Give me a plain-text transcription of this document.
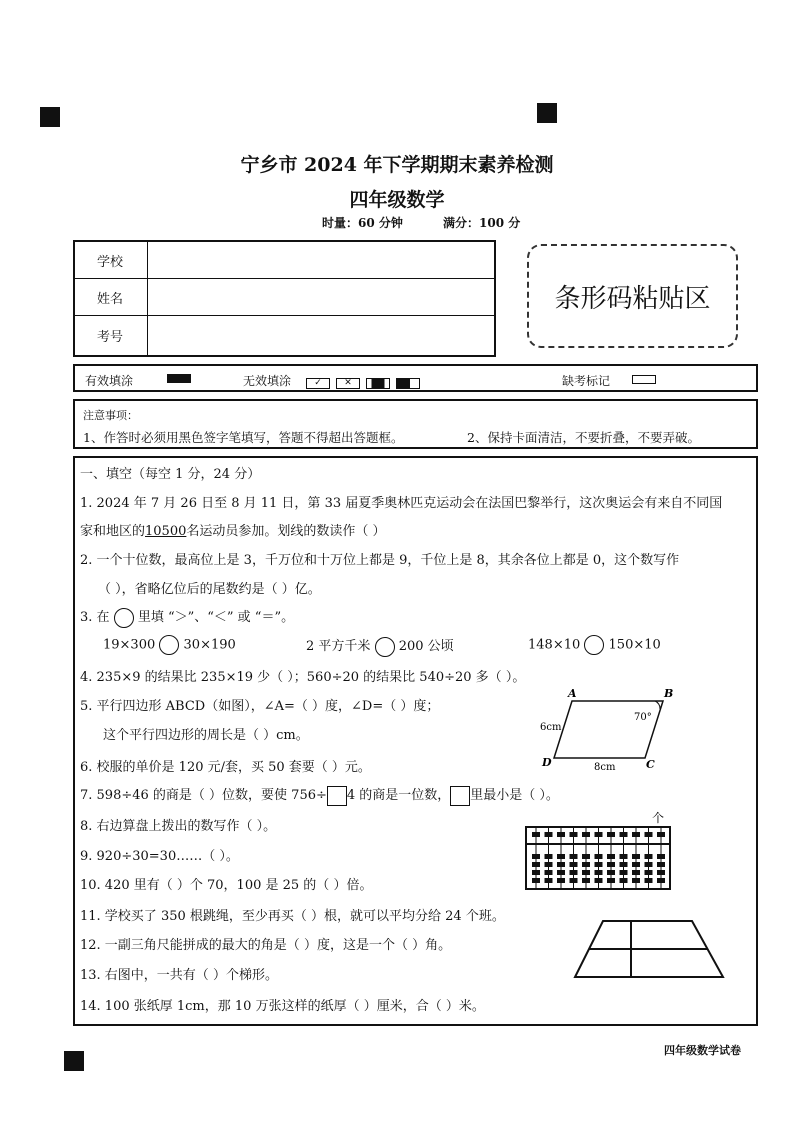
宁乡市 2024 年下学期期末素养检测
四年级数学
时量：60 分钟	满分：100 分
学校
姓名
考号
条形码粘贴区
有效填涂	无效填涂	✓ ✕	缺考标记
注意事项：
1、作答时必须用黑色签字笔填写，答题不得超出答题框。	2、保持卡面清洁，不要折叠，不要弄破。
一、填空（每空 1 分，24 分）
1. 2024 年 7 月 26 日至 8 月 11 日，第 33 届夏季奥林匹克运动会在法国巴黎举行，这次奥运会有来自不同国
家和地区的10500名运动员参加。划线的数读作（ ）
2. 一个十位数，最高位上是 3，千万位和十万位上都是 9，千位上是 8，其余各位上都是 0，这个数写作
（ ），省略亿位后的尾数约是（ ）亿。
3. 在 里填 “＞”、“＜” 或 “＝”。
19×300 30×190	2 平方千米 200 公顷	148×10 150×10
4. 235×9 的结果比 235×19 少（ ）；560÷20 的结果比 540÷20 多（ ）。
5. 平行四边形 ABCD（如图），∠A=（ ）度，∠D=（ ）度；
这个平行四边形的周长是（ ）cm。
A	B
C
D
70°
6cm
8cm
6. 校服的单价是 120 元/套，买 50 套要（ ）元。
7. 598÷46 的商是（ ）位数，要使 756÷ 4 的商是一位数， 里最小是（ ）。
8. 右边算盘上拨出的数写作（ ）。
个
9. 920÷30=30……（ ）。
10. 420 里有（ ）个 70，100 是 25 的（ ）倍。
11. 学校买了 350 根跳绳，至少再买（ ）根，就可以平均分给 24 个班。
12. 一副三角尺能拼成的最大的角是（ ）度，这是一个（ ）角。
13. 右图中，一共有（ ）个梯形。
14. 100 张纸厚 1cm，那 10 万张这样的纸厚（ ）厘米，合（ ）米。
四年级数学试卷
